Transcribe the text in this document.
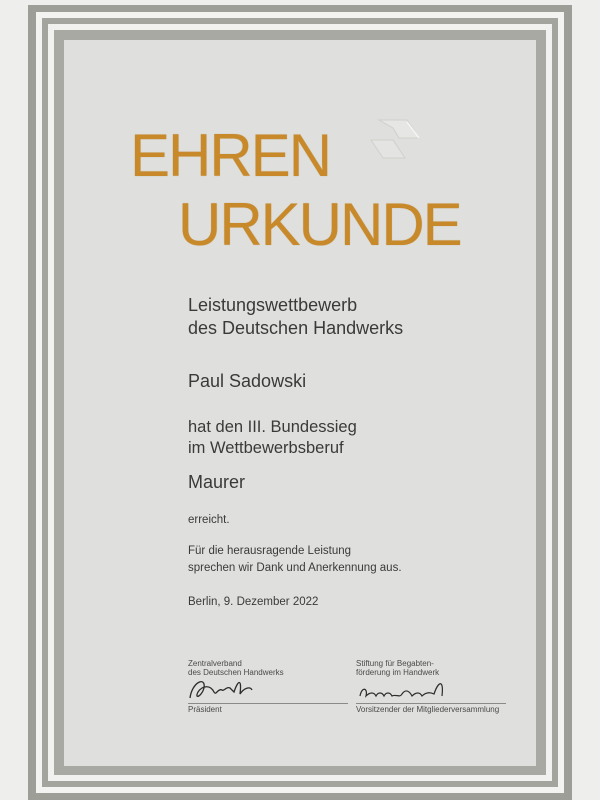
EHREN
URKUNDE
Leistungswettbewerb
des Deutschen Handwerks
Paul Sadowski
hat den III. Bundessieg
im Wettbewerbsberuf
Maurer
erreicht.
Für die herausragende Leistung
sprechen wir Dank und Anerkennung aus.
Berlin, 9. Dezember 2022
Zentralverband
des Deutschen Handwerks
Präsident
Stiftung für Begabten-
förderung im Handwerk
Vorsitzender der Mitgliederversammlung
